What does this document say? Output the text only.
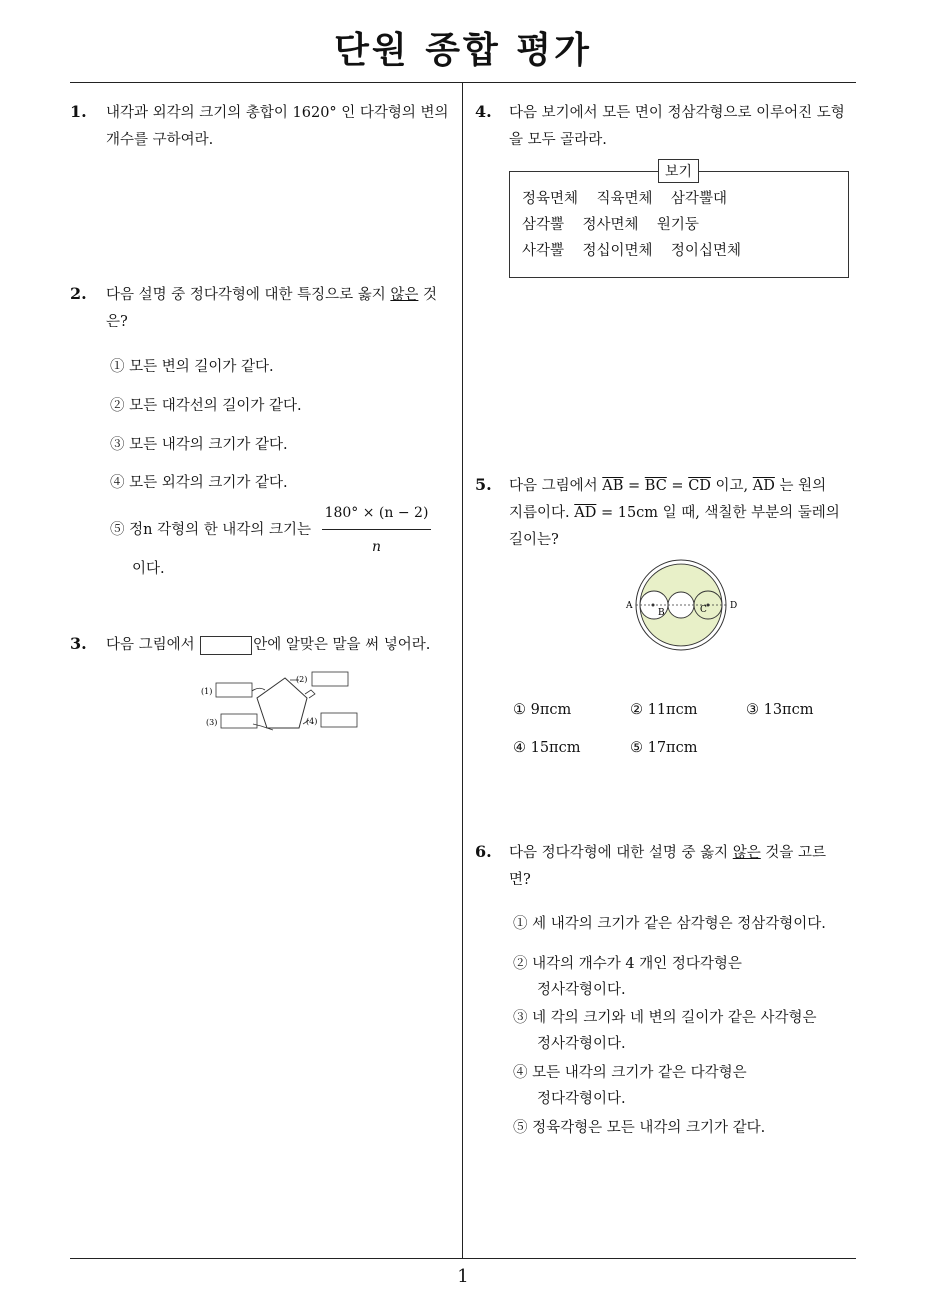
단원 종합 평가
1
1. 내각과 외각의 크기의 총합이 1620° 인 다각형의 변의
개수를 구하여라.
2. 다음 설명 중 정다각형에 대한 특징으로 옳지 않은 것
은?
① 모든 변의 길이가 같다.
② 모든 대각선의 길이가 같다.
③ 모든 내각의 크기가 같다.
④ 모든 외각의 크기가 같다.
⑤ 정n 각형의 한 내각의 크기는 $\frac{180^\circ \times (n - 2)}{n}$
이다.
3. 다음 그림에서	안에 알맞은 말을 써 넣어라.
(1)
(2)
(3)	(4)
4. 다음 보기에서 모든 면이 정삼각형으로 이루어진 도형
을 모두 골라라.
정육면체    직육면체    삼각뿔대
삼각뿔    정사면체    원기둥
사각뿔    정십이면체    정이십면체
보기
5. 다음 그림에서 $\overline{AB} = \overline{BC} = \overline{CD}$ 이고, $\overline{AD}$ 는 원의
지름이다. $\overline{AD} = 15cm$ 일 때, 색칠한 부분의 둘레의
길이는?
A
B	C	D
① 9πcm	② 11πcm	③ 13πcm
④ 15πcm	⑤ 17πcm
6. 다음 정다각형에 대한 설명 중 옳지 않은 것을 고르
면?
① 세 내각의 크기가 같은 삼각형은 정삼각형이다.
② 내각의 개수가 4 개인 정다각형은
정사각형이다.
③ 네 각의 크기와 네 변의 길이가 같은 사각형은
정사각형이다.
④ 모든 내각의 크기가 같은 다각형은
정다각형이다.
⑤ 정육각형은 모든 내각의 크기가 같다.
